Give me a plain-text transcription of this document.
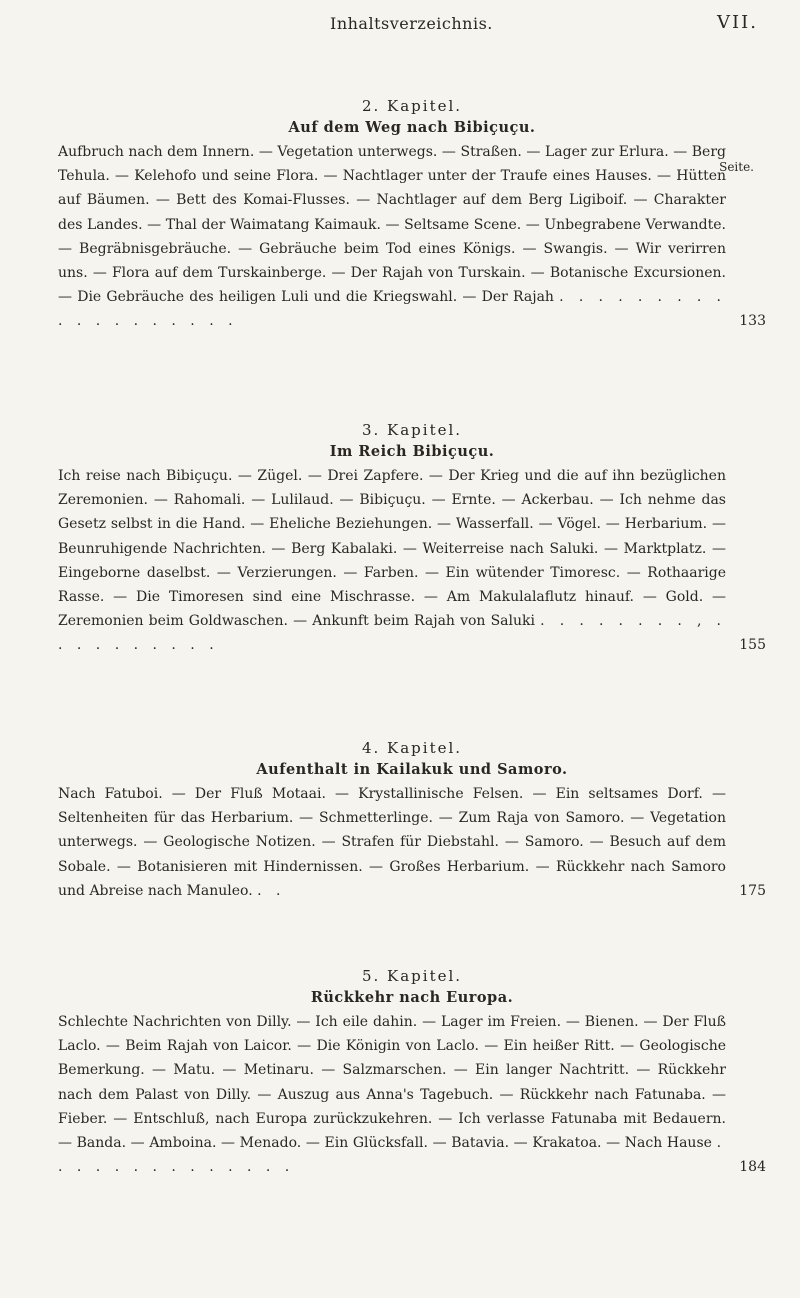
Inhaltsverzeichnis.	VII.
Seite.
2. Kapitel.
Auf dem Weg nach Bibiçuçu.

Aufbruch nach dem Innern. — Vegetation unterwegs. — Straßen. — Lager zur Erlura. — Berg Tehula. — Kelehofo und seine Flora. — Nachtlager unter der Traufe eines Hauses. — Hütten auf Bäumen. — Bett des Komai-Flusses. — Nachtlager auf dem Berg Ligiboif. — Charakter des Landes. — Thal der Waimatang Kaimauk. — Seltsame Scene. — Unbegrabene Verwandte. — Begräbnisgebräuche. — Gebräuche beim Tod eines Königs. — Swangis. — Wir verirren uns. — Flora auf dem Turskainberge. — Der Rajah von Turskain. — Botanische Excursionen. — Die Gebräuche des heiligen Luli und die Kriegswahl. — Der Rajah . . . . . . . . . . . . . . . . . . .	133

3. Kapitel.
Im Reich Bibiçuçu.

Ich reise nach Bibiçuçu. — Zügel. — Drei Zapfere. — Der Krieg und die auf ihn bezüglichen Zeremonien. — Rahomali. — Lulilaud. — Bibiçuçu. — Ernte. — Ackerbau. — Ich nehme das Gesetz selbst in die Hand. — Eheliche Beziehungen. — Wasserfall. — Vögel. — Herbarium. — Beunruhigende Nachrichten. — Berg Kabalaki. — Weiterreise nach Saluki. — Marktplatz. — Eingeborne daselbst. — Verzierungen. — Farben. — Ein wütender Timoresc. — Rothaarige Rasse. — Die Timoresen sind eine Mischrasse. — Am Makulalaflutz hinauf. — Gold. — Zeremonien beim Goldwaschen. — Ankunft beim Rajah von Saluki . . . . . . . . , . . . . . . . . . .	155

4. Kapitel.
Aufenthalt in Kailakuk und Samoro.

Nach Fatuboi. — Der Fluß Motaai. — Krystallinische Felsen. — Ein seltsames Dorf. — Seltenheiten für das Herbarium. — Schmetterlinge. — Zum Raja von Samoro. — Vegetation unterwegs. — Geologische Notizen. — Strafen für Diebstahl. — Samoro. — Besuch auf dem Sobale. — Botanisieren mit Hindernissen. — Großes Herbarium. — Rückkehr nach Samoro und Abreise nach Manuleo. . .	175

5. Kapitel.
Rückkehr nach Europa.

Schlechte Nachrichten von Dilly. — Ich eile dahin. — Lager im Freien. — Bienen. — Der Fluß Laclo. — Beim Rajah von Laicor. — Die Königin von Laclo. — Ein heißer Ritt. — Geologische Bemerkung. — Matu. — Metinaru. — Salzmarschen. — Ein langer Nachtritt. — Rückkehr nach dem Palast von Dilly. — Auszug aus Anna's Tagebuch. — Rückkehr nach Fatunaba. — Fieber. — Entschluß, nach Europa zurückzukehren. — Ich verlasse Fatunaba mit Bedauern. — Banda. — Amboina. — Menado. — Ein Glücksfall. — Batavia. — Krakatoa. — Nach Hause . . . . . . . . . . . . . .	184
